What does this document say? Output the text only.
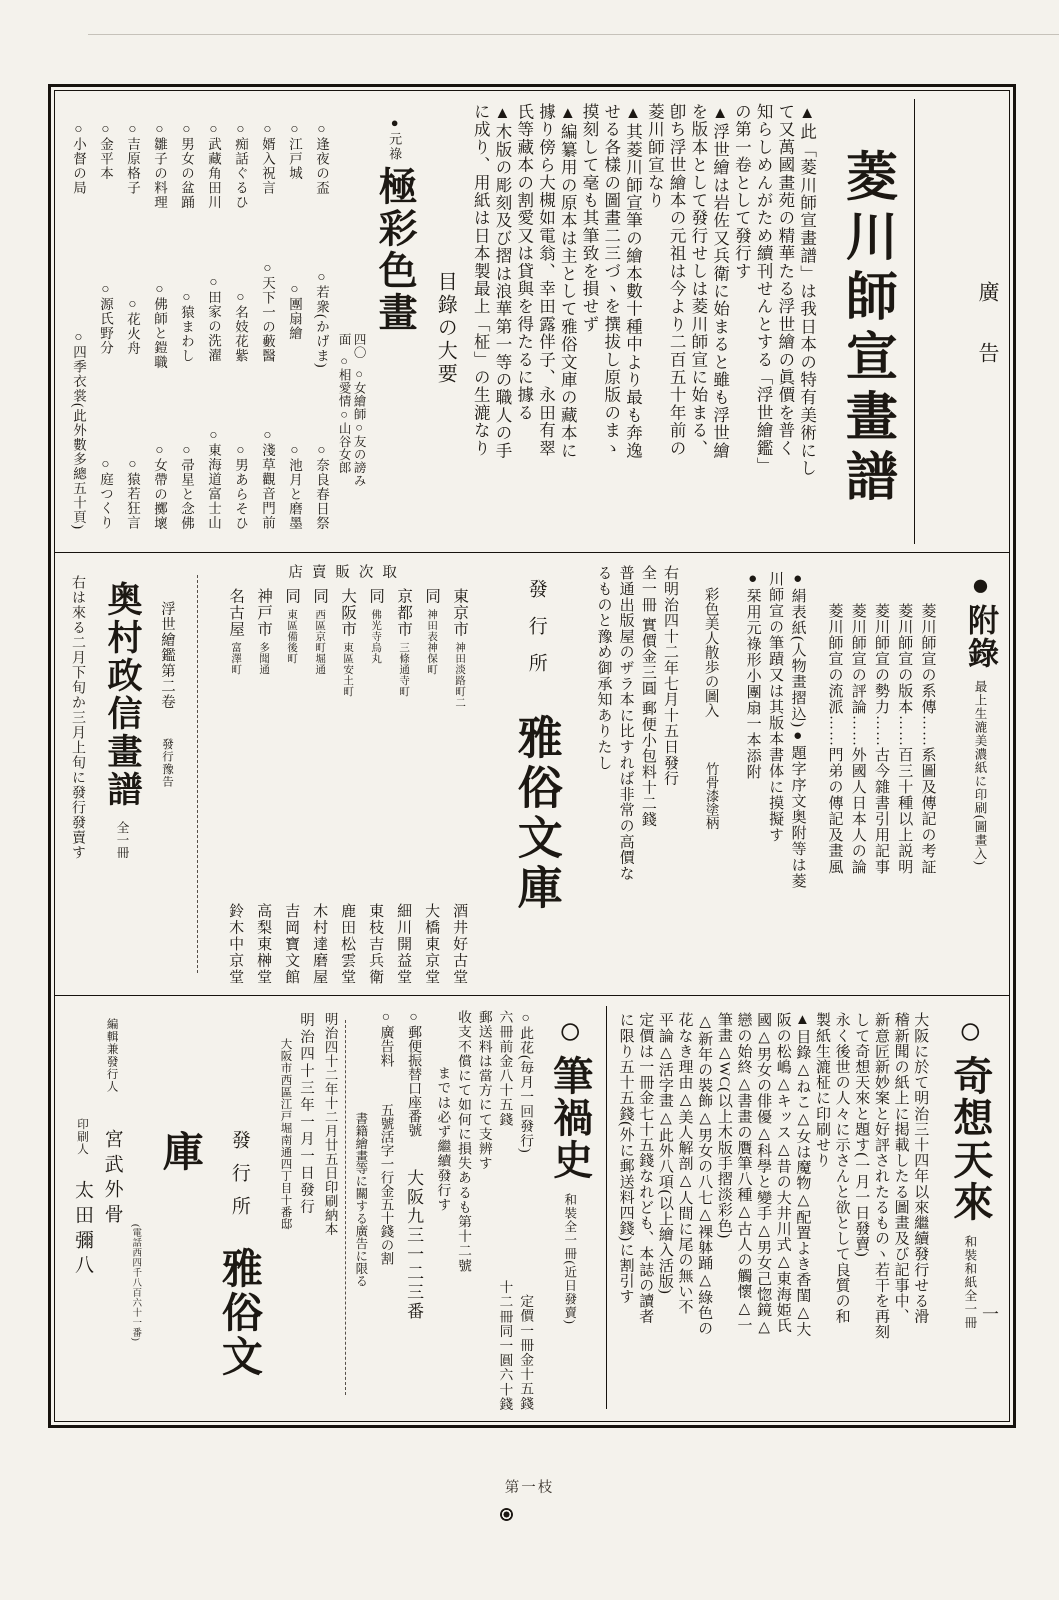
廣告
菱川師宣畫譜
▲此「菱川師宣畫譜」は我日本の特有美術にし
て又萬國畫苑の精華たる浮世繪の眞價を普く
知らしめんがため續刊せんとする「浮世繪鑑」
の第一卷として發行す
▲浮世繪は岩佐又兵衛に始まると雖も浮世繪
を版本として發行せしは菱川師宣に始まる、
卽ち浮世繪本の元祖は今より二百五十年前の
菱川師宣なり
▲其菱川師宣筆の繪本數十種中より最も奔逸
せる各樣の圖畫二三づヽを撰拔し原版のまゝ
摸刻して毫も其筆致を損せず
▲編纂用の原本は主として雅俗文庫の藏本に
據り傍ら大槻如電翁、幸田露伴子、永田有翠
氏等藏本の割愛又は貸與を得たるに據る
▲木版の彫刻及び摺は浪華第一等の職人の手
に成り、用紙は日本製最上「柾」の生漉なり
目錄の大要
●元祿極彩色畫
四〇
○女繪師○友の謗み
面
○相愛情○山谷女郎
○逢夜の盃
○若衆(かげま)
○奈良春日祭
○江戸城
○團扇繪
○池月と磨墨
○婿入祝言
○天下一の藪醫
○淺草觀音門前
○痴話ぐるひ
○名妓花紫
○男あらそひ
○武藏角田川
○田家の洗濯
○東海道富士山
○男女の盆踊
○猿まわし
○帚星と念佛
○雛子の料理
○佛師と鎧職
○女帶の擲壞
○吉原格子
○花火舟
○猿若狂言
○金平本
○源氏野分
○庭つくり
○小督の局
○四季衣裳(此外數多總五十頁)
●附錄最上生漉美濃紙に印刷(圖畫入)
菱川師宣の系傳……系圖及傳記の考証
菱川師宣の版本……百三十種以上説明
菱川師宣の勢力……古今雜書引用記事
菱川師宣の評論……外國人日本人の論
菱川師宣の流派……門弟の傳記及畫風
●絹表紙(人物畫摺込)●題字序文奥附等は菱
川師宣の筆蹟又は其版本書体に摸擬す
●栞用元祿形小團扇一本添附
彩色美人散歩の圖入竹骨漆塗柄
右明治四十二年七月十五日發行
全一冊 實價金三圓 郵便小包料十二錢
普通出版屋のザラ本に比すれば非常の高價な
るものと豫め御承知ありたし
發行所雅俗文庫
店賣販次取
東京市神田淡路町二
酒井好古堂
同神田表神保町
大橋東京堂
京都市三條通寺町
細川開益堂
同佛光寺烏丸
東枝吉兵衛
大阪市東區安土町
鹿田松雲堂
同西區京町堀通
木村達磨屋
同東區備後町
吉岡寶文館
神戸市多聞通
高梨東榊堂
名古屋富澤町
鈴木中京堂
浮世繪鑑第二卷發行豫告
奥村政信畫譜全一冊
右は來る二月下旬か三月上旬に發行發賣す
○奇想天來和裝和紙全一冊
大阪に於て明治三十四年以來繼續發行せる滑
稽新聞の紙上に掲載したる圖畫及び記事中、
新意匠新妙案と好評されたるものヽ若干を再刻
して奇想天來と題す(一月一日發賣)
永く後世の人々に示さんと欲として良質の和
製紙生漉柾に印刷せり
▲目錄△ねこ△女は魔物△配置よき香閨△大
阪の松嶋△キッス△昔の大井川式△東海姫氏
國△男女の俳優△科學と變手△男女己惚鏡△
戀の始終△書畫の贋筆八種△古人の觸懷△一
筆畫△WC(以上木版手摺淡彩色)
△新年の裝飾△男女の八七△裸躰踊△綠色の
花なき理由△美人解剖△人間に尾の無い不
平論△活字畫△此外八項(以上繪入活版)
定價は一冊金七十五錢なれども、本誌の讀者
に限り五十五錢(外に郵送料四錢)に割引す
○筆禍史和裝全一冊(近日發賣)
○此花(毎月一回發行)
定價一冊金十五錢
六冊前金八十五錢
十二冊同一圓六十錢
郵送料は當方にて支辨す
收支不償にて如何に損失あるも第十二號
までは必ず繼續發行す
○郵便振替口座番號大阪九三一二三番
○廣告料五號活字一行金五十錢の割
書籍繪畫等に關する廣告に限る
明治四十二年十二月廿五日印刷納本
明治四十三年一月一日發行
大阪市西區江戸堀南通四丁目十番邸
發行所雅俗文庫
(電話西四千八百六十一番)
編輯兼發行人宮武外骨
印刷人太田彌八
一
第一枝
